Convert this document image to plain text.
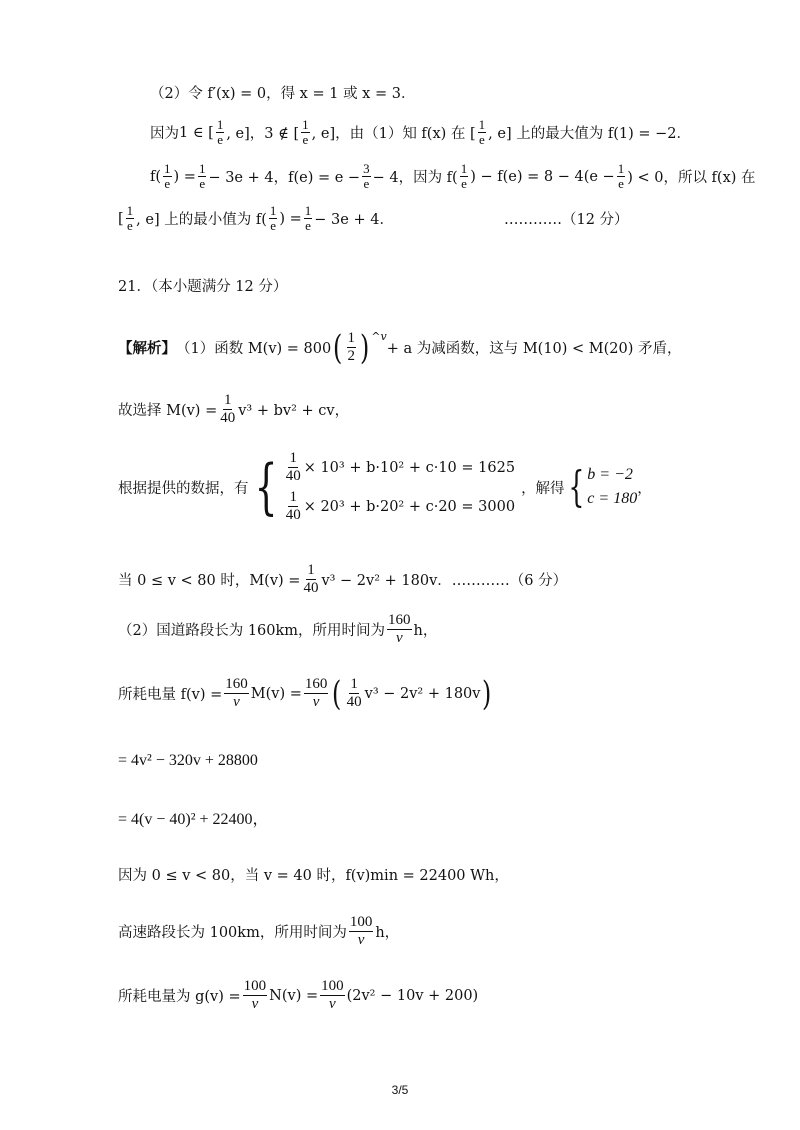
（2）令 f′(x) = 0，得 x = 1 或 x = 3．
因为 1 ∈ [ $\frac{1}{e}$ , e]，3 ∉ [ $\frac{1}{e}$ , e]，由（1）知 f(x) 在 [ $\frac{1}{e}$ , e] 上的最大值为 f(1) = −2．
$f( \frac{1}{e}$ ) = $\frac{1}{e} - 3e + 4$，$f(e) = e - \frac{3}{e} - 4$，因为 $f( \frac{1}{e}$ ) − $f(e) = 8 - 4(e - \frac{1}{e}$ ) < 0，所以 f(x) 在
[ $\frac{1}{e}$ , e] 上的最小值为 $f( \frac{1}{e}$ ) = $\frac{1}{e} - 3e + 4$．	…………（12 分）
21．（本小题满分 12 分）
【解析】 （1）函数 M(v) = 800 ( $\frac{1}{2}$ ) ^v
+ a 为减函数，这与 M(10) < M(20) 矛盾，
故选择 $M(v) = \frac{1}{40} v^3 + bv^2$ + cv，
根据提供的数据，有 { $\frac{1}{40} \times 10^3 + b\cdot 10^2 + c\cdot 10 = 1625$
$\frac{1}{40} \times 20^3 + b\cdot 20^2 + c\cdot 20 = 3000$
，解得 { b = −2
c = 180
，
当 0 ≤ v < 80 时，$M(v) = \frac{1}{40} v^3 - 2v^2 + 180v$．…………（6 分）
（2）国道路段长为 160km，所用时间为 $\frac{160}{v}$ h，
所耗电量 $f(v) = \frac{160}{v} M(v) = \frac{160}{v}$ ( $\frac{1}{40} v^3 - 2v^2 + 180v$ )
= 4v² − 320v + 28800
= 4(v − 40)² + 22400，
因为 0 ≤ v < 80，当 v = 40 时，f(v)min = 22400 Wh，
高速路段长为 100km，所用时间为 $\frac{100}{v}$ h，
所耗电量为 $g(v) = \frac{100}{v} N(v) = \frac{100}{v} (2v^2 - 10v + 200)$
3/5
